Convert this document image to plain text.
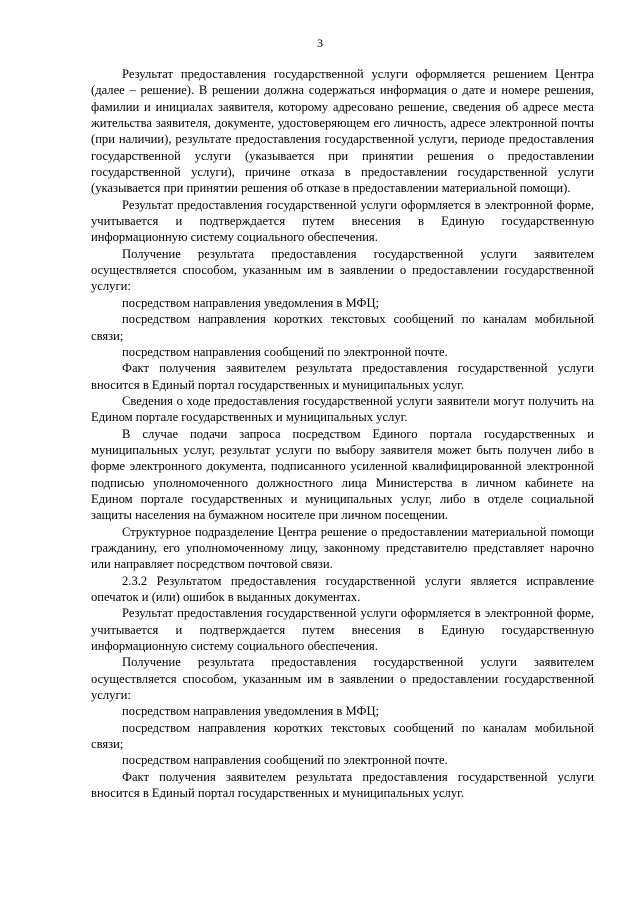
3

Результат предоставления государственной услуги оформляется решением Центра (далее – решение). В решении должна содержаться информация о дате и номере решения, фамилии и инициалах заявителя, которому адресовано решение, сведения об адресе места жительства заявителя, документе, удостоверяющем его личность, адресе электронной почты (при наличии), результате предоставления государственной услуги, периоде предоставления государственной услуги (указывается при принятии решения о предоставлении государственной услуги), причине отказа в предоставлении государственной услуги (указывается при принятии решения об отказе в предоставлении материальной помощи).

Результат предоставления государственной услуги оформляется в электронной форме, учитывается и подтверждается путем внесения в Единую государственную информационную систему социального обеспечения.

Получение результата предоставления государственной услуги заявителем осуществляется способом, указанным им в заявлении о предоставлении государственной услуги:

посредством направления уведомления в МФЦ;

посредством направления коротких текстовых сообщений по каналам мобильной связи;

посредством направления сообщений по электронной почте.

Факт получения заявителем результата предоставления государственной услуги вносится в Единый портал государственных и муниципальных услуг.

Сведения о ходе предоставления государственной услуги заявители могут получить на Едином портале государственных и муниципальных услуг.

В случае подачи запроса посредством Единого портала государственных и муниципальных услуг, результат услуги по выбору заявителя может быть получен либо в форме электронного документа, подписанного усиленной квалифицированной электронной подписью уполномоченного должностного лица Министерства в личном кабинете на Едином портале государственных и муниципальных услуг, либо в отделе социальной защиты населения на бумажном носителе при личном посещении.

Структурное подразделение Центра решение о предоставлении материальной помощи гражданину, его уполномоченному лицу, законному представителю представляет нарочно или направляет посредством почтовой связи.

2.3.2 Результатом предоставления государственной услуги является исправление опечаток и (или) ошибок в выданных документах.

Результат предоставления государственной услуги оформляется в электронной форме, учитывается и подтверждается путем внесения в Единую государственную информационную систему социального обеспечения.

Получение результата предоставления государственной услуги заявителем осуществляется способом, указанным им в заявлении о предоставлении государственной услуги:

посредством направления уведомления в МФЦ;

посредством направления коротких текстовых сообщений по каналам мобильной связи;

посредством направления сообщений по электронной почте.

Факт получения заявителем результата предоставления государственной услуги вносится в Единый портал государственных и муниципальных услуг.
